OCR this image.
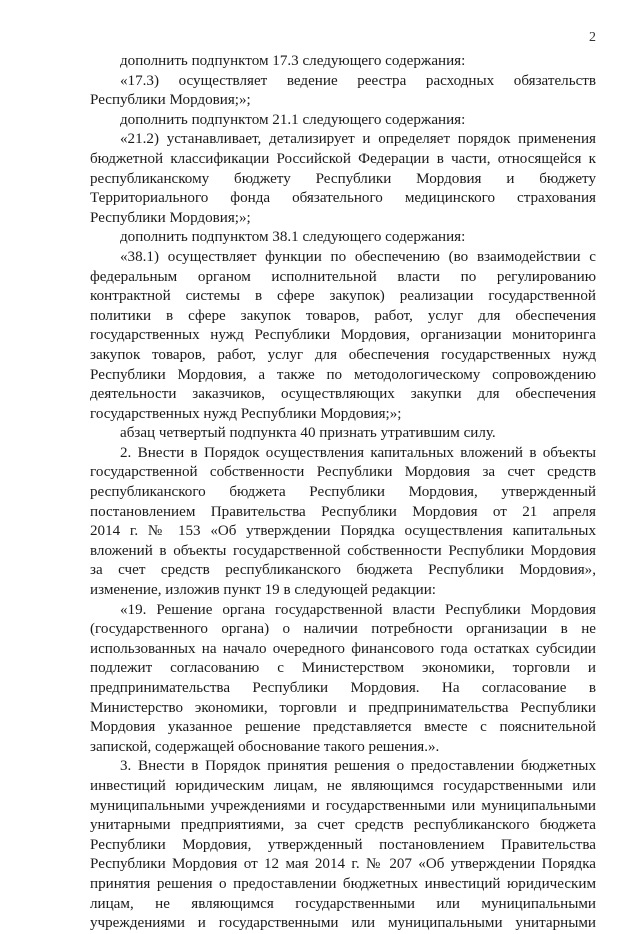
2
дополнить подпунктом 17.3 следующего содержания:
«17.3) осуществляет ведение реестра расходных обязательств
Республики Мордовия;»;
дополнить подпунктом 21.1 следующего содержания:
«21.2) устанавливает, детализирует и определяет порядок применения
бюджетной классификации Российской Федерации в части, относящейся к
республиканскому бюджету Республики Мордовия и бюджету
Территориального фонда обязательного медицинского страхования
Республики Мордовия;»;
дополнить подпунктом 38.1 следующего содержания:
«38.1) осуществляет функции по обеспечению (во взаимодействии с
федеральным органом исполнительной власти по регулированию
контрактной системы в сфере закупок) реализации государственной
политики в сфере закупок товаров, работ, услуг для обеспечения
государственных нужд Республики Мордовия, организации мониторинга
закупок товаров, работ, услуг для обеспечения государственных нужд
Республики Мордовия, а также по методологическому сопровождению
деятельности заказчиков, осуществляющих закупки для обеспечения
государственных нужд Республики Мордовия;»;
абзац четвертый подпункта 40 признать утратившим силу.
2. Внести в Порядок осуществления капитальных вложений в объекты
государственной собственности Республики Мордовия за счет средств
республиканского бюджета Республики Мордовия, утвержденный
постановлением Правительства Республики Мордовия от 21 апреля
2014 г. № 153 «Об утверждении Порядка осуществления капитальных
вложений в объекты государственной собственности Республики Мордовия
за счет средств республиканского бюджета Республики Мордовия»,
изменение, изложив пункт 19 в следующей редакции:
«19. Решение органа государственной власти Республики Мордовия
(государственного органа) о наличии потребности организации в не
использованных на начало очередного финансового года остатках субсидии
подлежит согласованию с Министерством экономики, торговли и
предпринимательства Республики Мордовия. На согласование в
Министерство экономики, торговли и предпринимательства Республики
Мордовия указанное решение представляется вместе с пояснительной
запиской, содержащей обоснование такого решения.».
3. Внести в Порядок принятия решения о предоставлении бюджетных
инвестиций юридическим лицам, не являющимся государственными или
муниципальными учреждениями и государственными или муниципальными
унитарными предприятиями, за счет средств республиканского бюджета
Республики Мордовия, утвержденный постановлением Правительства
Республики Мордовия от 12 мая 2014 г. № 207 «Об утверждении Порядка
принятия решения о предоставлении бюджетных инвестиций юридическим
лицам, не являющимся государственными или муниципальными
учреждениями и государственными или муниципальными унитарными
